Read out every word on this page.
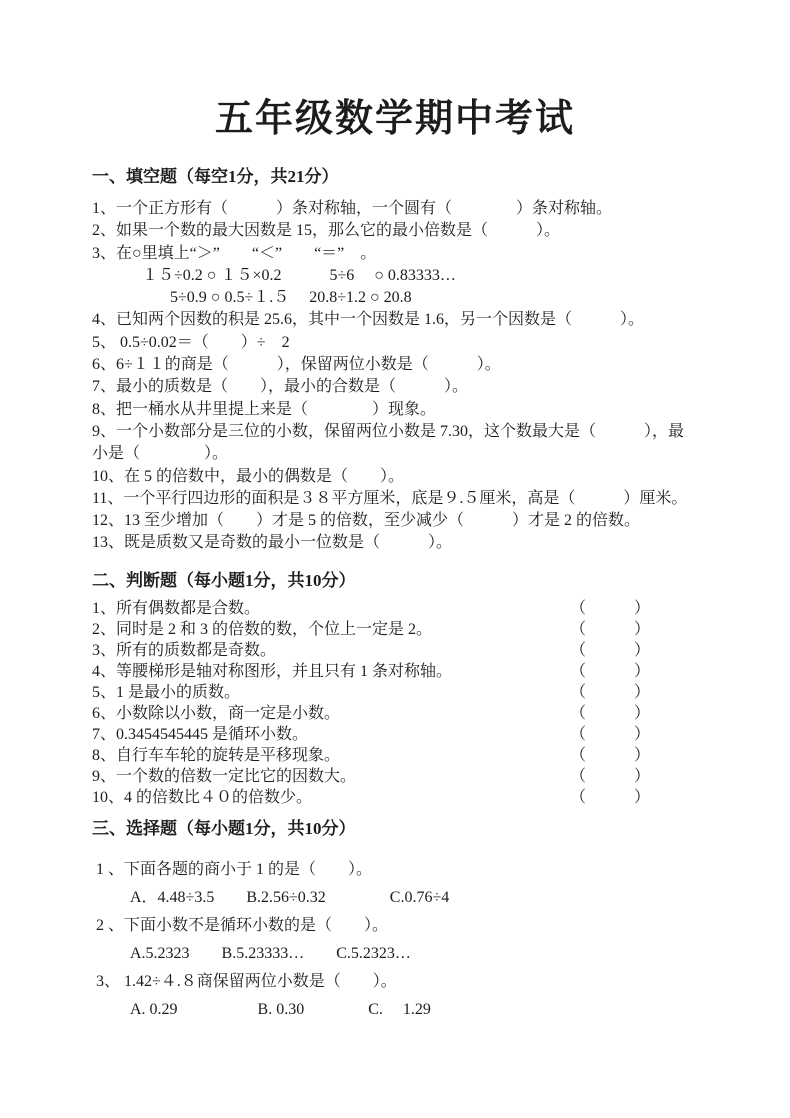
五年级数学期中考试
一、填空题（每空1分，共21分）
1、一个正方形有（　　　）条对称轴，一个圆有（　　　　）条对称轴。
2、如果一个数的最大因数是 15，那么它的最小倍数是（　　　）。
3、在○里填上“＞”　　“＜”　　“＝”　。
１５÷0.2 ○ １５×0.2　　　5÷6　 ○ 0.83333…
5÷0.9 ○ 0.5÷１.５　 20.8÷1.2 ○ 20.8
4、已知两个因数的积是 25.6，其中一个因数是 1.6，另一个因数是（　　　）。
5、 0.5÷0.02＝（　　）÷　2
6、6÷１１的商是（　　　），保留两位小数是（　　　）。
7、最小的质数是（　　），最小的合数是（　　　）。
8、把一桶水从井里提上来是（　　　　）现象。
9、一个小数部分是三位的小数，保留两位小数是 7.30，这个数最大是（　　　），最
小是（　　　　）。
10、在 5 的倍数中，最小的偶数是（　　）。
11、一个平行四边形的面积是３８平方厘米，底是９.５厘米，高是（　　　）厘米。
12、13 至少增加（　　）才是 5 的倍数，至少减少（　　　）才是 2 的倍数。
13、既是质数又是奇数的最小一位数是（　　　）。
二、判断题（每小题1分，共10分）
1、所有偶数都是合数。	（　　　）
2、同时是 2 和 3 的倍数的数，个位上一定是 2。	（　　　）
3、所有的质数都是奇数。	（　　　）
4、等腰梯形是轴对称图形，并且只有 1 条对称轴。	（　　　）
5、1 是最小的质数。	（　　　）
6、小数除以小数，商一定是小数。	（　　　）
7、0.3454545445 是循环小数。	（　　　）
8、自行车车轮的旋转是平移现象。	（　　　）
9、一个数的倍数一定比它的因数大。	（　　　）
10、4 的倍数比４０的倍数少。	（　　　）
三、选择题（每小题1分，共10分）
1 、下面各题的商小于 1 的是（　　）。
A．4.48÷3.5　　B.2.56÷0.32　　　　C.0.76÷4
2 、下面小数不是循环小数的是（　　）。
A.5.2323　　B.5.23333…　　C.5.2323…
3、 1.42÷４.８商保留两位小数是（　　）。
A. 0.29　　　　　B. 0.30　　　　C.　 1.29
